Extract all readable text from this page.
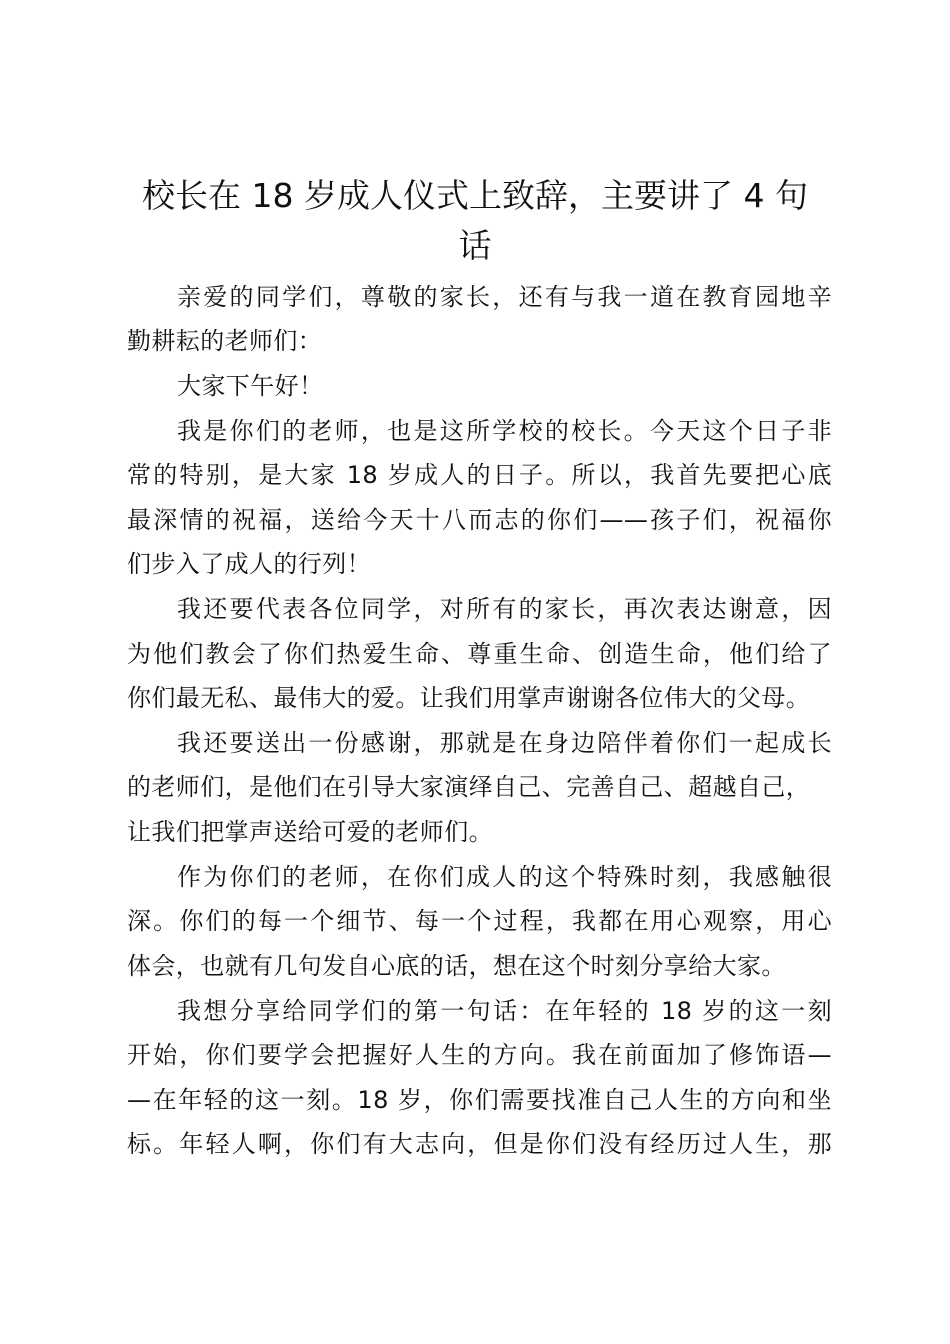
校长在 18 岁成人仪式上致辞，主要讲了 4 句
话
亲爱的同学们，尊敬的家长，还有与我一道在教育园地辛
勤耕耘的老师们：
大家下午好！
我是你们的老师，也是这所学校的校长。今天这个日子非
常的特别，是大家 18 岁成人的日子。所以，我首先要把心底
最深情的祝福，送给今天十八而志的你们——孩子们，祝福你
们步入了成人的行列！
我还要代表各位同学，对所有的家长，再次表达谢意，因
为他们教会了你们热爱生命、尊重生命、创造生命，他们给了
你们最无私、最伟大的爱。让我们用掌声谢谢各位伟大的父母。
我还要送出一份感谢，那就是在身边陪伴着你们一起成长
的老师们，是他们在引导大家演绎自己、完善自己、超越自己，
让我们把掌声送给可爱的老师们。
作为你们的老师，在你们成人的这个特殊时刻，我感触很
深。你们的每一个细节、每一个过程，我都在用心观察，用心
体会，也就有几句发自心底的话，想在这个时刻分享给大家。
我想分享给同学们的第一句话：在年轻的 18 岁的这一刻
开始，你们要学会把握好人生的方向。我在前面加了修饰语—
—在年轻的这一刻。18 岁，你们需要找准自己人生的方向和坐
标。年轻人啊，你们有大志向，但是你们没有经历过人生，那
